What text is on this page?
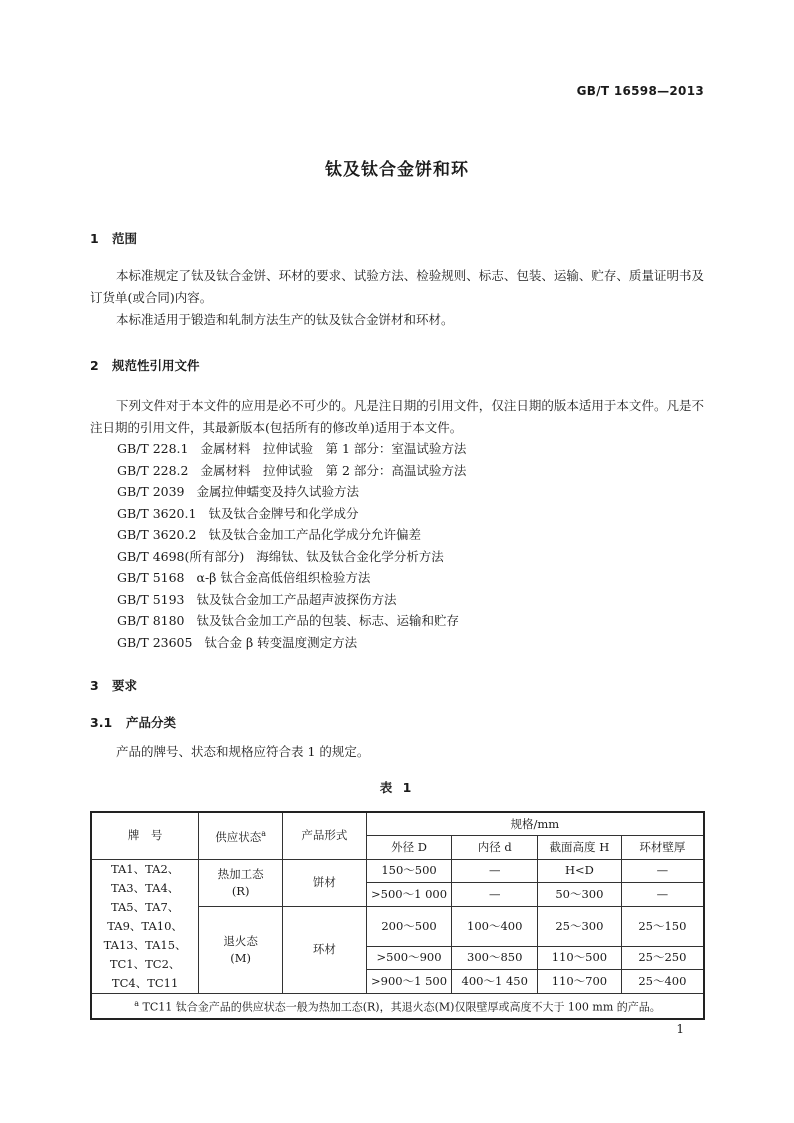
GB/T 16598—2013
钛及钛合金饼和环
1 范围

本标准规定了钛及钛合金饼、环材的要求、试验方法、检验规则、标志、包装、运输、贮存、质量证明书及订货单(或合同)内容。

本标准适用于锻造和轧制方法生产的钛及钛合金饼材和环材。

2 规范性引用文件

下列文件对于本文件的应用是必不可少的。凡是注日期的引用文件，仅注日期的版本适用于本文件。凡是不注日期的引用文件，其最新版本(包括所有的修改单)适用于本文件。

GB/T 228.1 金属材料　拉伸试验　第 1 部分：室温试验方法
GB/T 228.2 金属材料　拉伸试验　第 2 部分：高温试验方法
GB/T 2039 金属拉伸蠕变及持久试验方法
GB/T 3620.1 钛及钛合金牌号和化学成分
GB/T 3620.2 钛及钛合金加工产品化学成分允许偏差
GB/T 4698(所有部分) 海绵钛、钛及钛合金化学分析方法
GB/T 5168 α-β 钛合金高低倍组织检验方法
GB/T 5193 钛及钛合金加工产品超声波探伤方法
GB/T 8180 钛及钛合金加工产品的包装、标志、运输和贮存
GB/T 23605 钛合金 β 转变温度测定方法
3 要求
3.1 产品分类

产品的牌号、状态和规格应符合表 1 的规定。

表 1
牌　号	供应状态$^a$	产品形式	规格/mm			
			外径 D	内径 d	截面高度 H	环材壁厚
TA1、TA2、TA3、TA4、TA5、TA7、TA9、TA10、TA13、TA15、TC1、TC2、TC4、TC11	热加工态(R)	饼材	150～500	—	H<D	—
			>500～1 000	—	50～300	—
	退火态(M)	环材	200～500	100～400	25～300	25～150
			>500～900	300～850	110～500	25～250
			>900～1 500	400～1 450	110～700	25～400
$^a$ TC11 钛合金产品的供应状态一般为热加工态(R)，其退火态(M)仅限壁厚或高度不大于 100 mm 的产品。						
1
